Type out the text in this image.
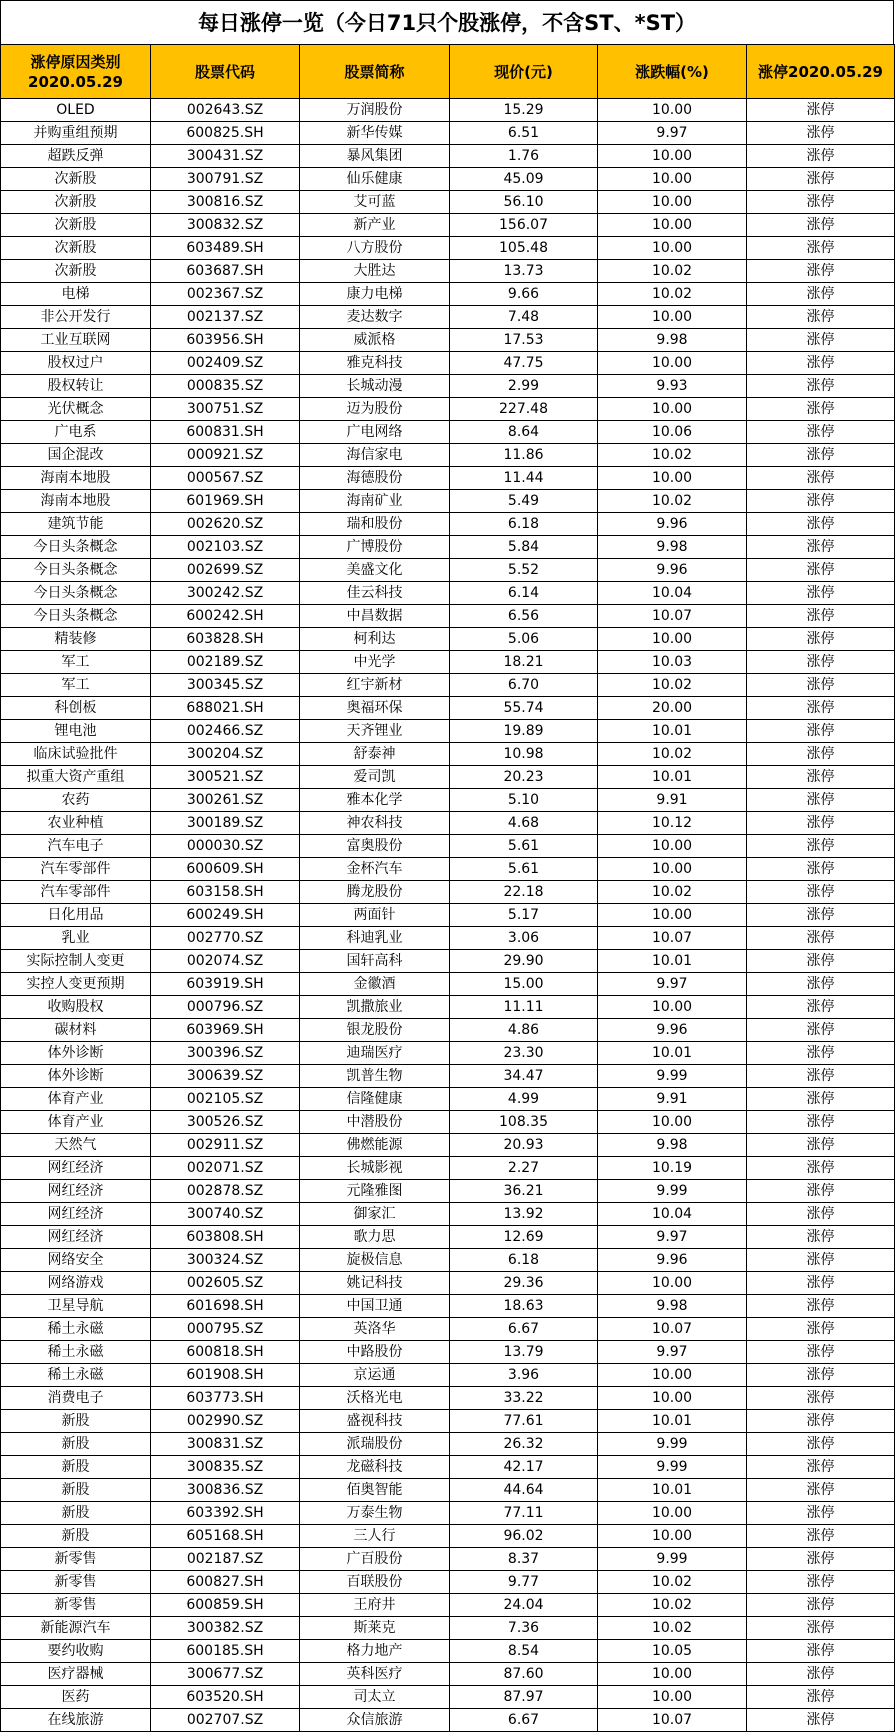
每日涨停一览（今日71只个股涨停，不含ST、*ST）
涨停原因类别
2020.05.29	股票代码	股票简称	现价(元)	涨跌幅(%)	涨停2020.05.29
OLED	002643.SZ	万润股份	15.29	10.00	涨停
并购重组预期	600825.SH	新华传媒	6.51	9.97	涨停
超跌反弹	300431.SZ	暴风集团	1.76	10.00	涨停
次新股	300791.SZ	仙乐健康	45.09	10.00	涨停
次新股	300816.SZ	艾可蓝	56.10	10.00	涨停
次新股	300832.SZ	新产业	156.07	10.00	涨停
次新股	603489.SH	八方股份	105.48	10.00	涨停
次新股	603687.SH	大胜达	13.73	10.02	涨停
电梯	002367.SZ	康力电梯	9.66	10.02	涨停
非公开发行	002137.SZ	麦达数字	7.48	10.00	涨停
工业互联网	603956.SH	威派格	17.53	9.98	涨停
股权过户	002409.SZ	雅克科技	47.75	10.00	涨停
股权转让	000835.SZ	长城动漫	2.99	9.93	涨停
光伏概念	300751.SZ	迈为股份	227.48	10.00	涨停
广电系	600831.SH	广电网络	8.64	10.06	涨停
国企混改	000921.SZ	海信家电	11.86	10.02	涨停
海南本地股	000567.SZ	海德股份	11.44	10.00	涨停
海南本地股	601969.SH	海南矿业	5.49	10.02	涨停
建筑节能	002620.SZ	瑞和股份	6.18	9.96	涨停
今日头条概念	002103.SZ	广博股份	5.84	9.98	涨停
今日头条概念	002699.SZ	美盛文化	5.52	9.96	涨停
今日头条概念	300242.SZ	佳云科技	6.14	10.04	涨停
今日头条概念	600242.SH	中昌数据	6.56	10.07	涨停
精装修	603828.SH	柯利达	5.06	10.00	涨停
军工	002189.SZ	中光学	18.21	10.03	涨停
军工	300345.SZ	红宇新材	6.70	10.02	涨停
科创板	688021.SH	奥福环保	55.74	20.00	涨停
锂电池	002466.SZ	天齐锂业	19.89	10.01	涨停
临床试验批件	300204.SZ	舒泰神	10.98	10.02	涨停
拟重大资产重组	300521.SZ	爱司凯	20.23	10.01	涨停
农药	300261.SZ	雅本化学	5.10	9.91	涨停
农业种植	300189.SZ	神农科技	4.68	10.12	涨停
汽车电子	000030.SZ	富奥股份	5.61	10.00	涨停
汽车零部件	600609.SH	金杯汽车	5.61	10.00	涨停
汽车零部件	603158.SH	腾龙股份	22.18	10.02	涨停
日化用品	600249.SH	两面针	5.17	10.00	涨停
乳业	002770.SZ	科迪乳业	3.06	10.07	涨停
实际控制人变更	002074.SZ	国轩高科	29.90	10.01	涨停
实控人变更预期	603919.SH	金徽酒	15.00	9.97	涨停
收购股权	000796.SZ	凯撒旅业	11.11	10.00	涨停
碳材料	603969.SH	银龙股份	4.86	9.96	涨停
体外诊断	300396.SZ	迪瑞医疗	23.30	10.01	涨停
体外诊断	300639.SZ	凯普生物	34.47	9.99	涨停
体育产业	002105.SZ	信隆健康	4.99	9.91	涨停
体育产业	300526.SZ	中潜股份	108.35	10.00	涨停
天然气	002911.SZ	佛燃能源	20.93	9.98	涨停
网红经济	002071.SZ	长城影视	2.27	10.19	涨停
网红经济	002878.SZ	元隆雅图	36.21	9.99	涨停
网红经济	300740.SZ	御家汇	13.92	10.04	涨停
网红经济	603808.SH	歌力思	12.69	9.97	涨停
网络安全	300324.SZ	旋极信息	6.18	9.96	涨停
网络游戏	002605.SZ	姚记科技	29.36	10.00	涨停
卫星导航	601698.SH	中国卫通	18.63	9.98	涨停
稀土永磁	000795.SZ	英洛华	6.67	10.07	涨停
稀土永磁	600818.SH	中路股份	13.79	9.97	涨停
稀土永磁	601908.SH	京运通	3.96	10.00	涨停
消费电子	603773.SH	沃格光电	33.22	10.00	涨停
新股	002990.SZ	盛视科技	77.61	10.01	涨停
新股	300831.SZ	派瑞股份	26.32	9.99	涨停
新股	300835.SZ	龙磁科技	42.17	9.99	涨停
新股	300836.SZ	佰奥智能	44.64	10.01	涨停
新股	603392.SH	万泰生物	77.11	10.00	涨停
新股	605168.SH	三人行	96.02	10.00	涨停
新零售	002187.SZ	广百股份	8.37	9.99	涨停
新零售	600827.SH	百联股份	9.77	10.02	涨停
新零售	600859.SH	王府井	24.04	10.02	涨停
新能源汽车	300382.SZ	斯莱克	7.36	10.02	涨停
要约收购	600185.SH	格力地产	8.54	10.05	涨停
医疗器械	300677.SZ	英科医疗	87.60	10.00	涨停
医药	603520.SH	司太立	87.97	10.00	涨停
在线旅游	002707.SZ	众信旅游	6.67	10.07	涨停
